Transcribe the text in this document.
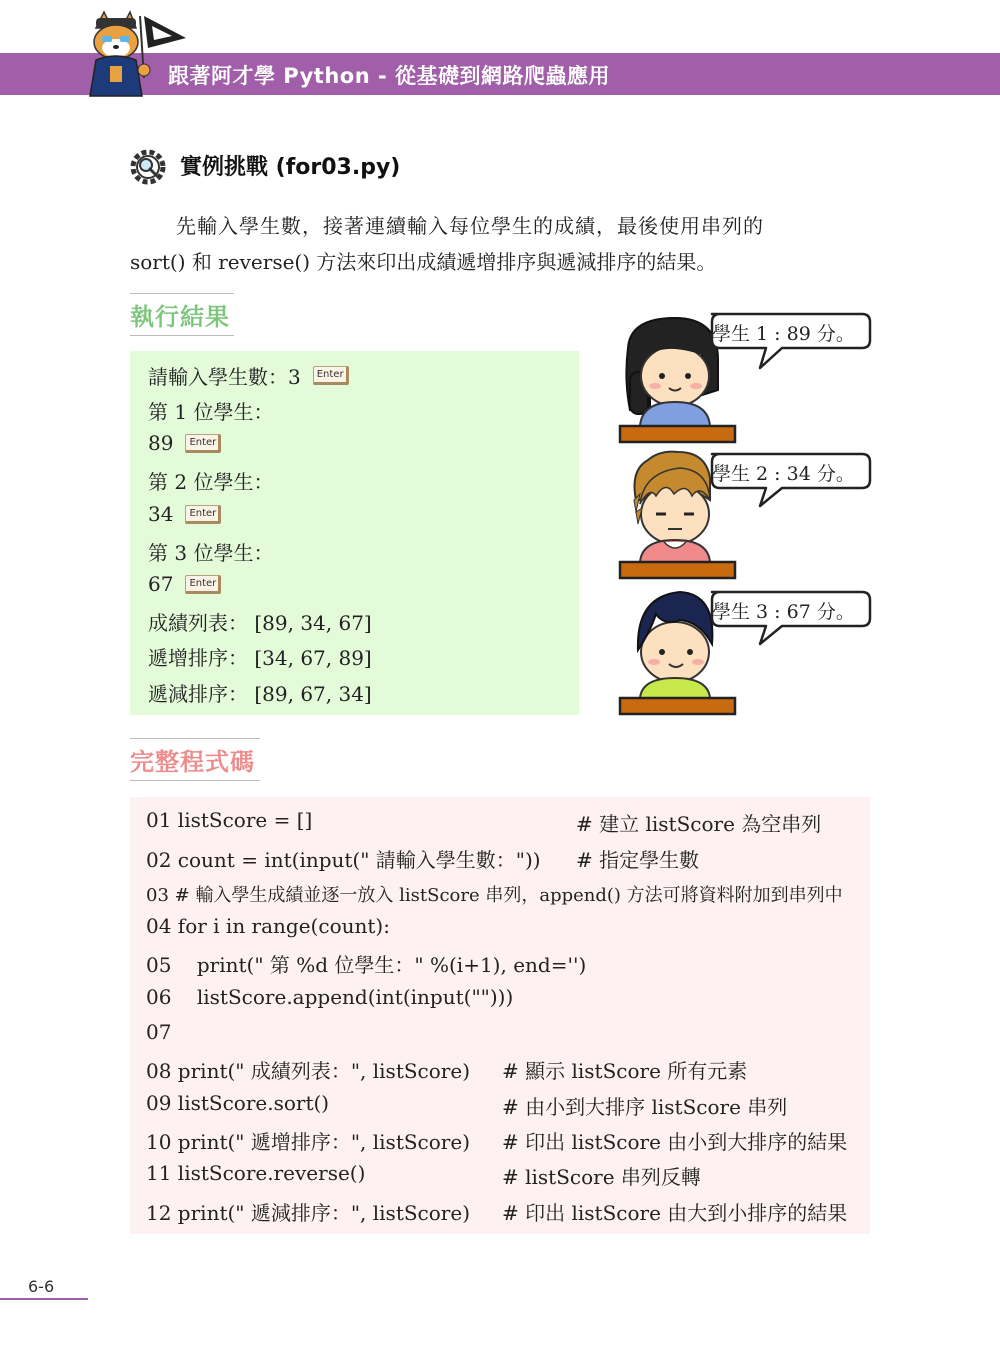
跟著阿才學 Python - 從基礎到網路爬蟲應用
實例挑戰 (for03.py)

先輸入學生數，接著連續輸入每位學生的成績，最後使用串列的

sort() 和 reverse() 方法來印出成績遞增排序與遞減排序的結果。

執行結果
請輸入學生數：3	Enter
第 1 位學生：
89	Enter
第 2 位學生：
34	Enter
第 3 位學生：
67	Enter
成績列表： [89, 34, 67]
遞增排序： [34, 67, 89]
遞減排序： [89, 67, 34]
學生 1 : 89 分。
學生 2 : 34 分。
學生 3 : 67 分。
完整程式碼
01 listScore = []	# 建立 listScore 為空串列
02 count = int(input(" 請輸入學生數：")) # 指定學生數
03 # 輸入學生成績並逐一放入 listScore 串列，append() 方法可將資料附加到串列中
04 for i in range(count):
05    print(" 第 %d 位學生：" %(i+1), end='')
06    listScore.append(int(input("")))
07
08 print(" 成績列表：", listScore) # 顯示 listScore 所有元素
09 listScore.sort()	# 由小到大排序 listScore 串列
10 print(" 遞增排序：", listScore) # 印出 listScore 由小到大排序的結果
11 listScore.reverse()	# listScore 串列反轉
12 print(" 遞減排序：", listScore) # 印出 listScore 由大到小排序的結果
6-6
